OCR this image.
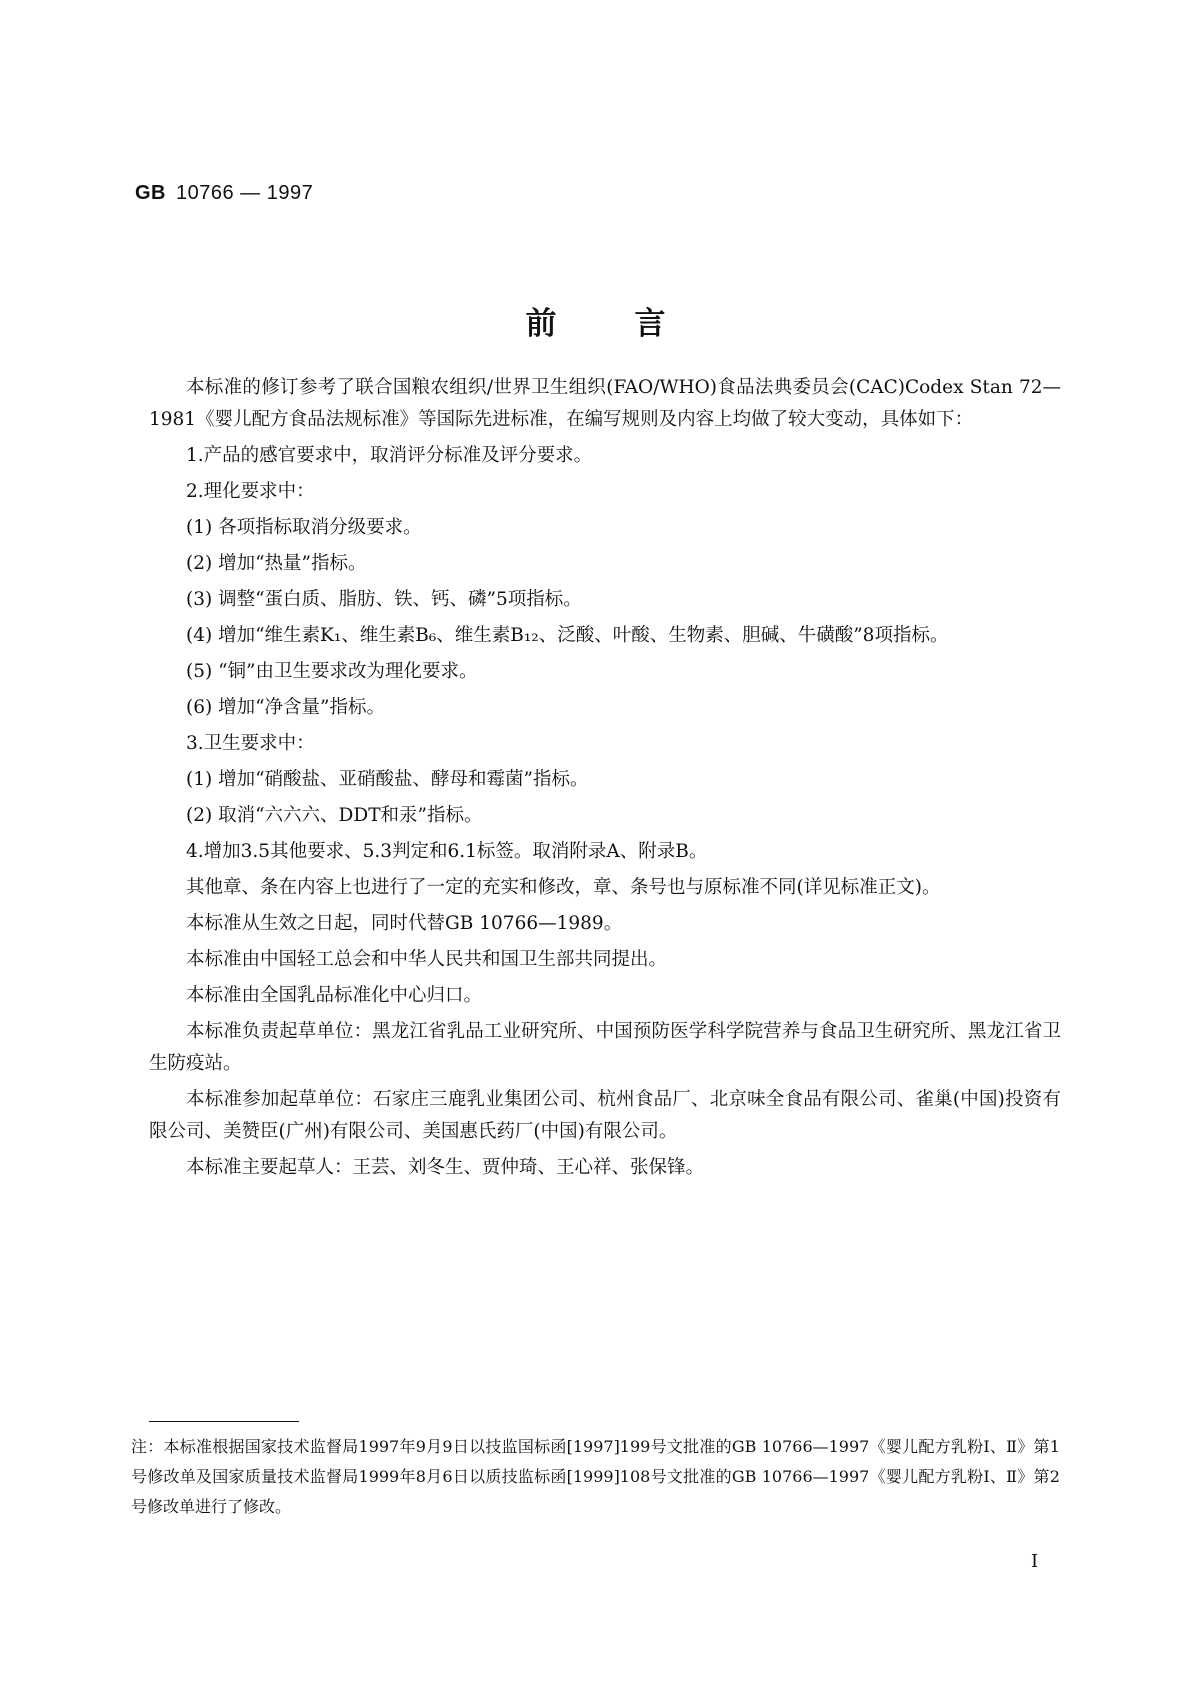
GB 10766 — 1997
前言

本标准的修订参考了联合国粮农组织/世界卫生组织(FAO/WHO)食品法典委员会(CAC)Codex Stan 72—1981《婴儿配方食品法规标准》等国际先进标准，在编写规则及内容上均做了较大变动，具体如下：

1.产品的感官要求中，取消评分标准及评分要求。

2.理化要求中：

(1) 各项指标取消分级要求。

(2) 增加“热量”指标。

(3) 调整“蛋白质、脂肪、铁、钙、磷”5项指标。

(4) 增加“维生素K₁、维生素B₆、维生素B₁₂、泛酸、叶酸、生物素、胆碱、牛磺酸”8项指标。

(5) “铜”由卫生要求改为理化要求。

(6) 增加“净含量”指标。

3.卫生要求中：

(1) 增加“硝酸盐、亚硝酸盐、酵母和霉菌”指标。

(2) 取消“六六六、DDT和汞”指标。

4.增加3.5其他要求、5.3判定和6.1标签。取消附录A、附录B。

其他章、条在内容上也进行了一定的充实和修改，章、条号也与原标准不同(详见标准正文)。

本标准从生效之日起，同时代替GB 10766—1989。

本标准由中国轻工总会和中华人民共和国卫生部共同提出。

本标准由全国乳品标准化中心归口。

本标准负责起草单位：黑龙江省乳品工业研究所、中国预防医学科学院营养与食品卫生研究所、黑龙江省卫生防疫站。

本标准参加起草单位：石家庄三鹿乳业集团公司、杭州食品厂、北京味全食品有限公司、雀巢(中国)投资有限公司、美赞臣(广州)有限公司、美国惠氏药厂(中国)有限公司。

本标准主要起草人：王芸、刘冬生、贾仲琦、王心祥、张保锋。

注：本标准根据国家技术监督局1997年9月9日以技监国标函[1997]199号文批准的GB 10766—1997《婴儿配方乳粉Ⅰ、Ⅱ》第1号修改单及国家质量技术监督局1999年8月6日以质技监标函[1999]108号文批准的GB 10766—1997《婴儿配方乳粉Ⅰ、Ⅱ》第2号修改单进行了修改。
I
